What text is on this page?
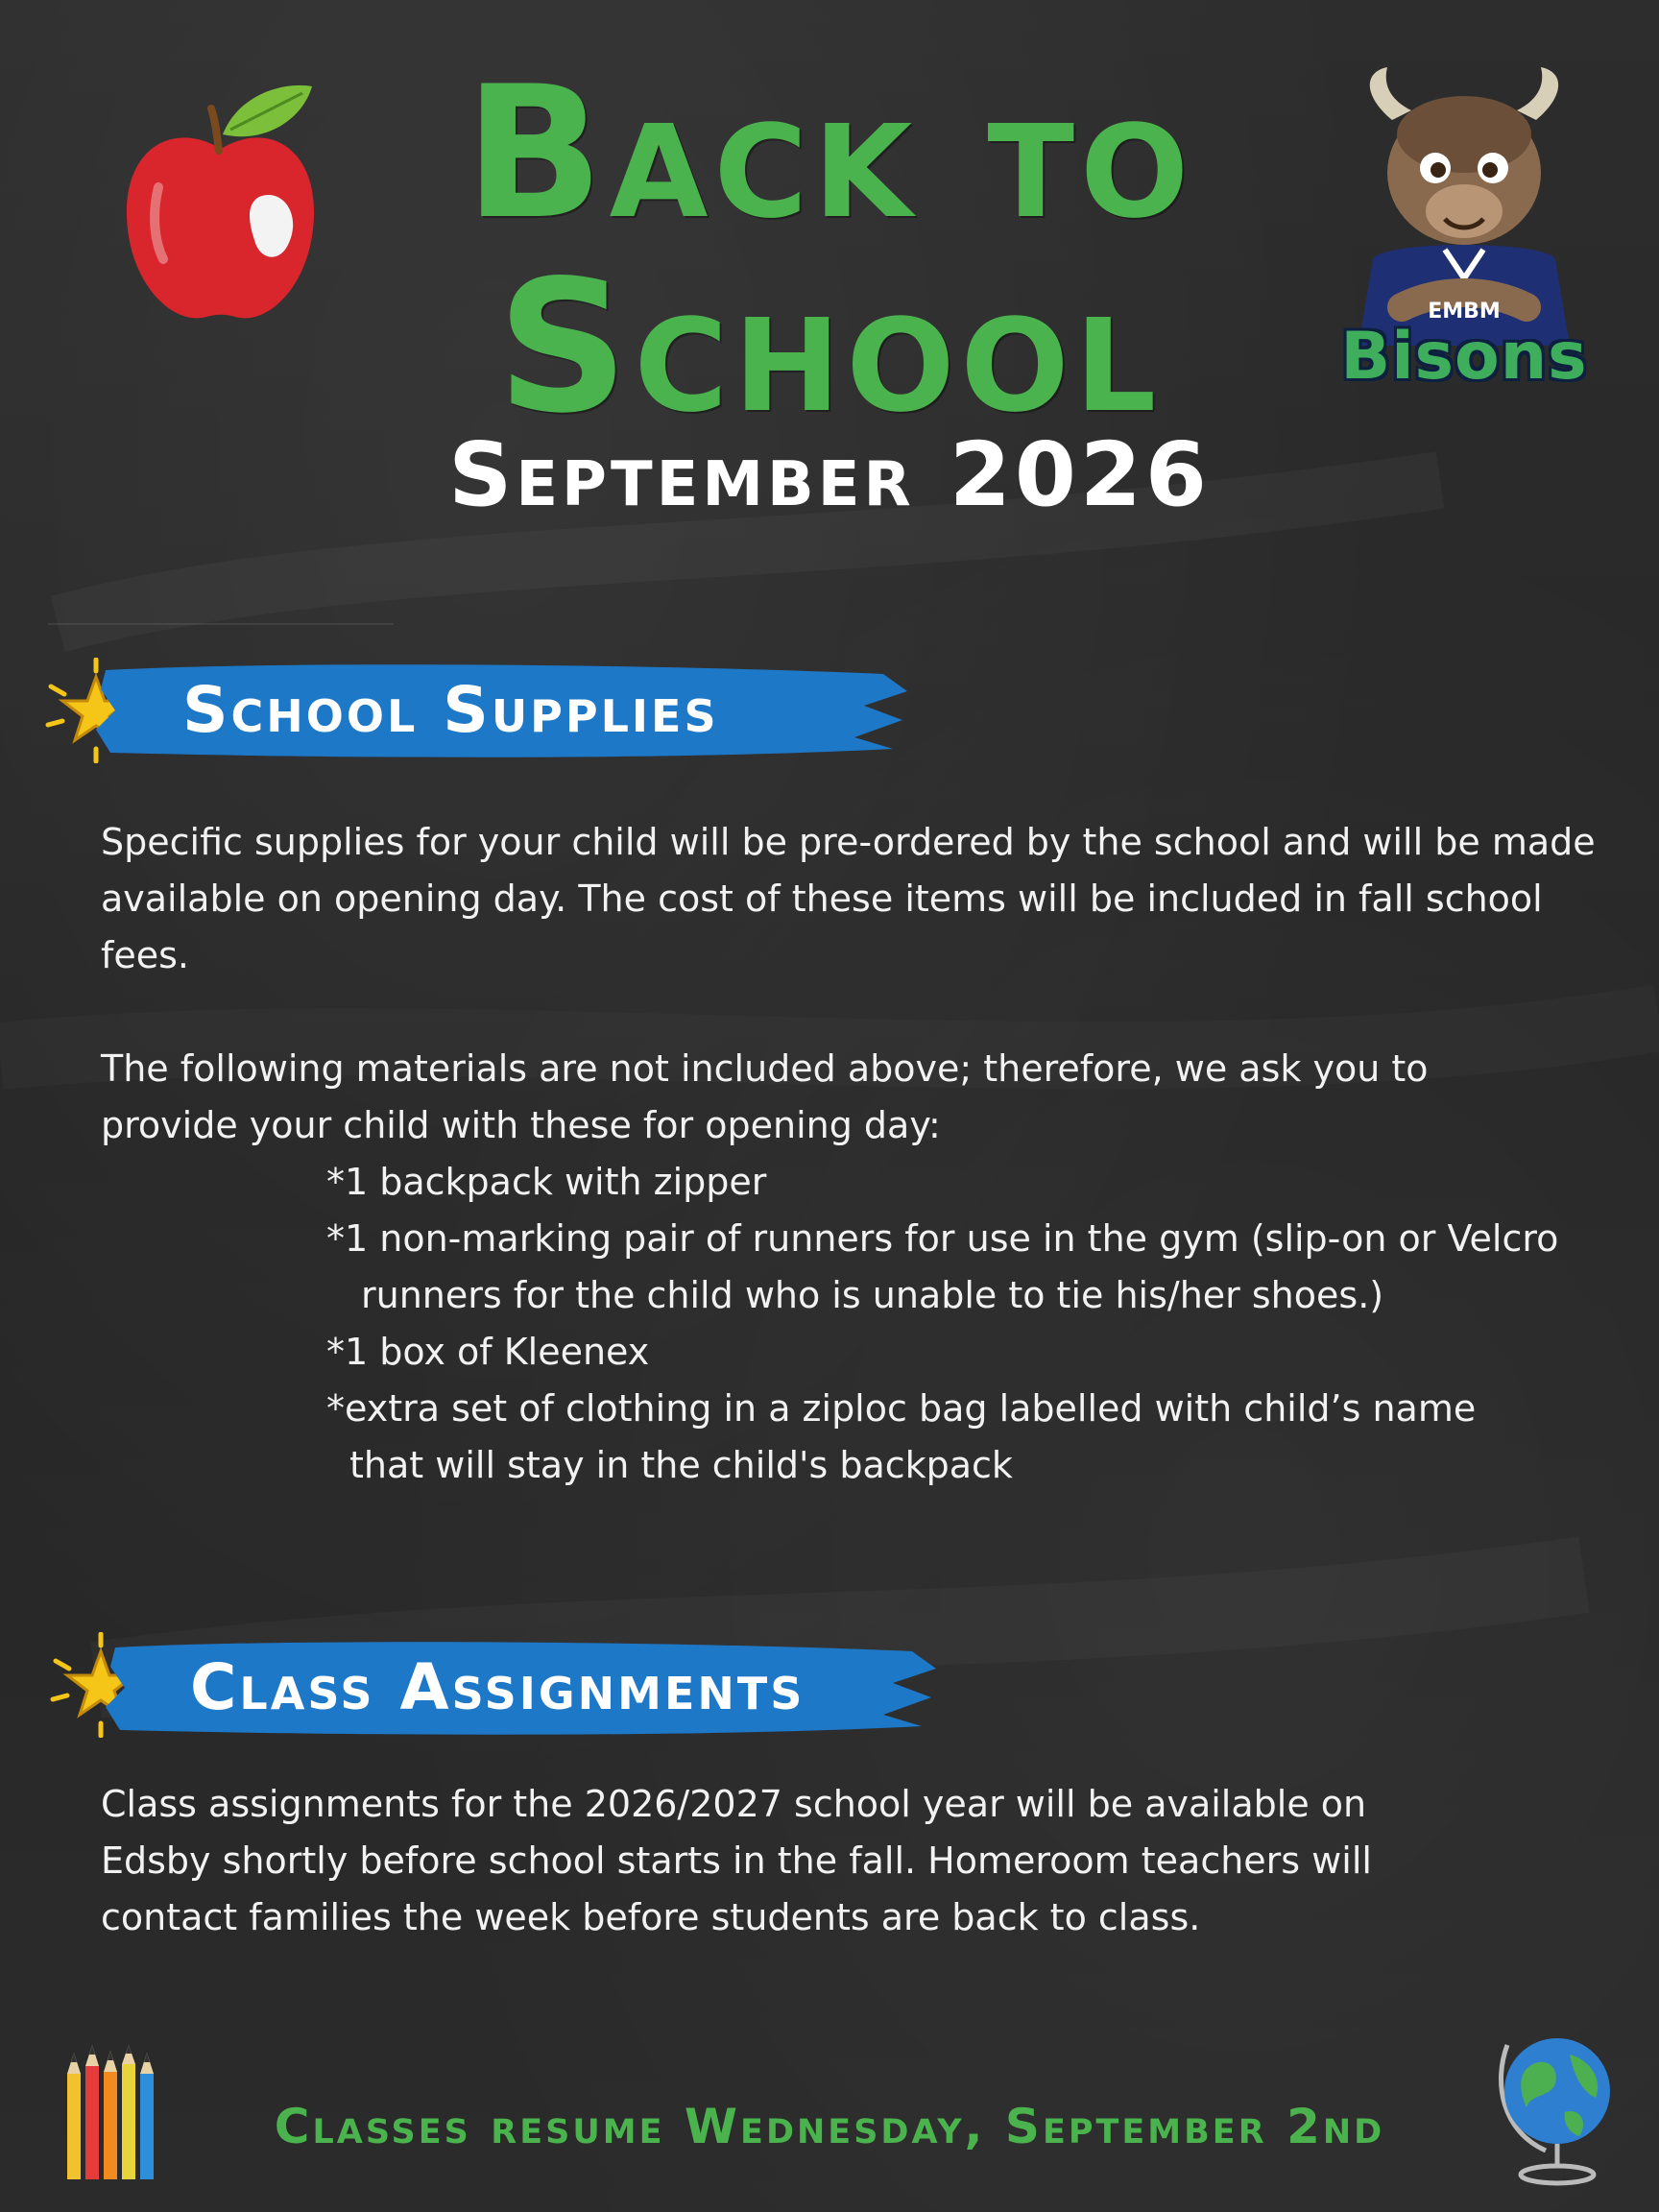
EMBM
Bisons
Back to
School
September 2026
School Supplies

Specific supplies for your child will be pre-ordered by the school and will be made available on opening day. The cost of these items will be included in fall school fees.

The following materials are not included above; therefore, we ask you to provide your child with these for opening day:

*1 backpack with zipper
*1 non-marking pair of runners for use in the gym (slip-on or Velcro
runners for the child who is unable to tie his/her shoes.)
*1 box of Kleenex
*extra set of clothing in a ziploc bag labelled with child’s name
that will stay in the child's backpack
Class Assignments

Class assignments for the 2026/2027 school year will be available on Edsby shortly before school starts in the fall. Homeroom teachers will contact families the week before students are back to class.

Classes resume Wednesday, September 2nd
